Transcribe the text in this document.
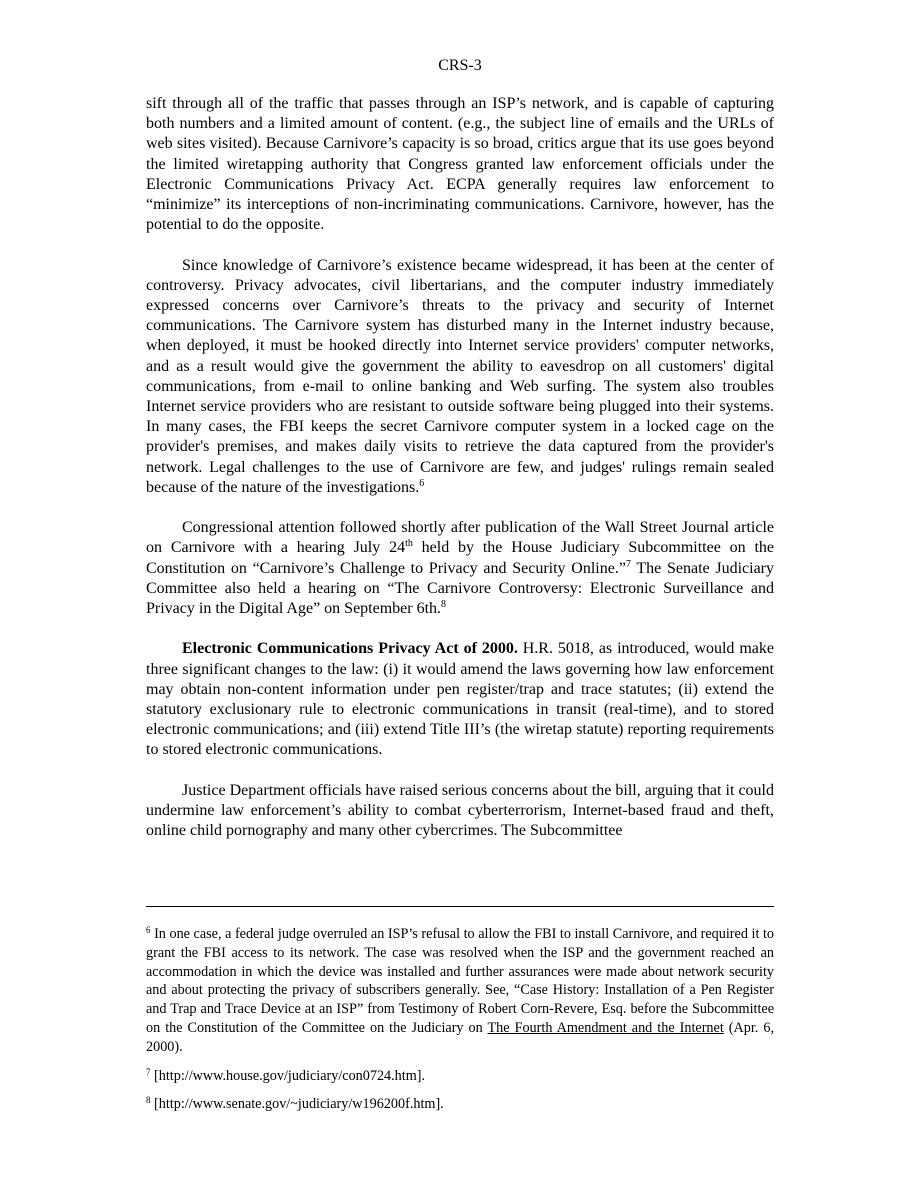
CRS-3

sift through all of the traffic that passes through an ISP’s network, and is capable of capturing both numbers and a limited amount of content. (e.g., the subject line of emails and the URLs of web sites visited). Because Carnivore’s capacity is so broad, critics argue that its use goes beyond the limited wiretapping authority that Congress granted law enforcement officials under the Electronic Communications Privacy Act. ECPA generally requires law enforcement to “minimize” its interceptions of non-incriminating communications. Carnivore, however, has the potential to do the opposite.

Since knowledge of Carnivore’s existence became widespread, it has been at the center of controversy. Privacy advocates, civil libertarians, and the computer industry immediately expressed concerns over Carnivore’s threats to the privacy and security of Internet communications. The Carnivore system has disturbed many in the Internet industry because, when deployed, it must be hooked directly into Internet service providers' computer networks, and as a result would give the government the ability to eavesdrop on all customers' digital communications, from e-mail to online banking and Web surfing. The system also troubles Internet service providers who are resistant to outside software being plugged into their systems. In many cases, the FBI keeps the secret Carnivore computer system in a locked cage on the provider's premises, and makes daily visits to retrieve the data captured from the provider's network. Legal challenges to the use of Carnivore are few, and judges' rulings remain sealed because of the nature of the investigations.$^6$

Congressional attention followed shortly after publication of the Wall Street Journal article on Carnivore with a hearing July 24th held by the House Judiciary Subcommittee on the Constitution on “Carnivore’s Challenge to Privacy and Security Online.”$^7$ The Senate Judiciary Committee also held a hearing on “The Carnivore Controversy: Electronic Surveillance and Privacy in the Digital Age” on September 6th.$^8$

Electronic Communications Privacy Act of 2000. H.R. 5018, as introduced, would make three significant changes to the law: (i) it would amend the laws governing how law enforcement may obtain non-content information under pen register/trap and trace statutes; (ii) extend the statutory exclusionary rule to electronic communications in transit (real-time), and to stored electronic communications; and (iii) extend Title III’s (the wiretap statute) reporting requirements to stored electronic communications.

Justice Department officials have raised serious concerns about the bill, arguing that it could undermine law enforcement’s ability to combat cyberterrorism, Internet-based fraud and theft, online child pornography and many other cybercrimes. The Subcommittee

$^6$ In one case, a federal judge overruled an ISP’s refusal to allow the FBI to install Carnivore, and required it to grant the FBI access to its network. The case was resolved when the ISP and the government reached an accommodation in which the device was installed and further assurances were made about network security and about protecting the privacy of subscribers generally. See, “Case History: Installation of a Pen Register and Trap and Trace Device at an ISP” from Testimony of Robert Corn-Revere, Esq. before the Subcommittee on the Constitution of the Committee on the Judiciary on The Fourth Amendment and the Internet (Apr. 6, 2000).

$^7$ [http://www.house.gov/judiciary/con0724.htm].

$^8$ [http://www.senate.gov/~judiciary/w196200f.htm].
